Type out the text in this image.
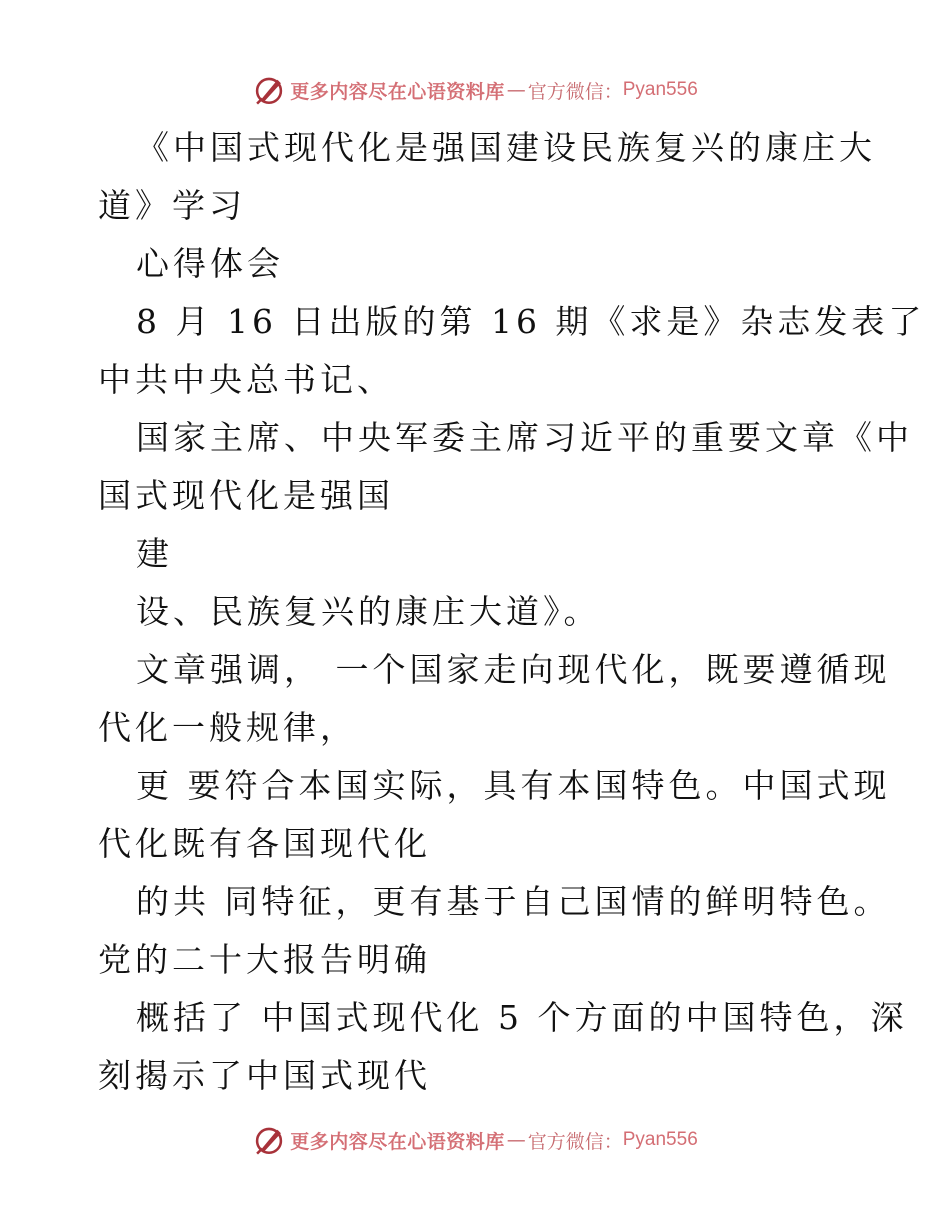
更多内容尽在心语资料库 — 官方微信： Pyan556
《中国式现代化是强国建设民族复兴的康庄大
道》学习
心得体会
8 月 16 日出版的第 16 期《求是》杂志发表了
中共中央总书记、
国家主席、中央军委主席习近平的重要文章《中
国式现代化是强国
建
设、民族复兴的康庄大道》。
文章强调， 一个国家走向现代化，既要遵循现
代化一般规律，
更 要符合本国实际，具有本国特色。中国式现
代化既有各国现代化
的共 同特征，更有基于自己国情的鲜明特色。
党的二十大报告明确
概括了 中国式现代化 5 个方面的中国特色，深
刻揭示了中国式现代
更多内容尽在心语资料库 — 官方微信： Pyan556
